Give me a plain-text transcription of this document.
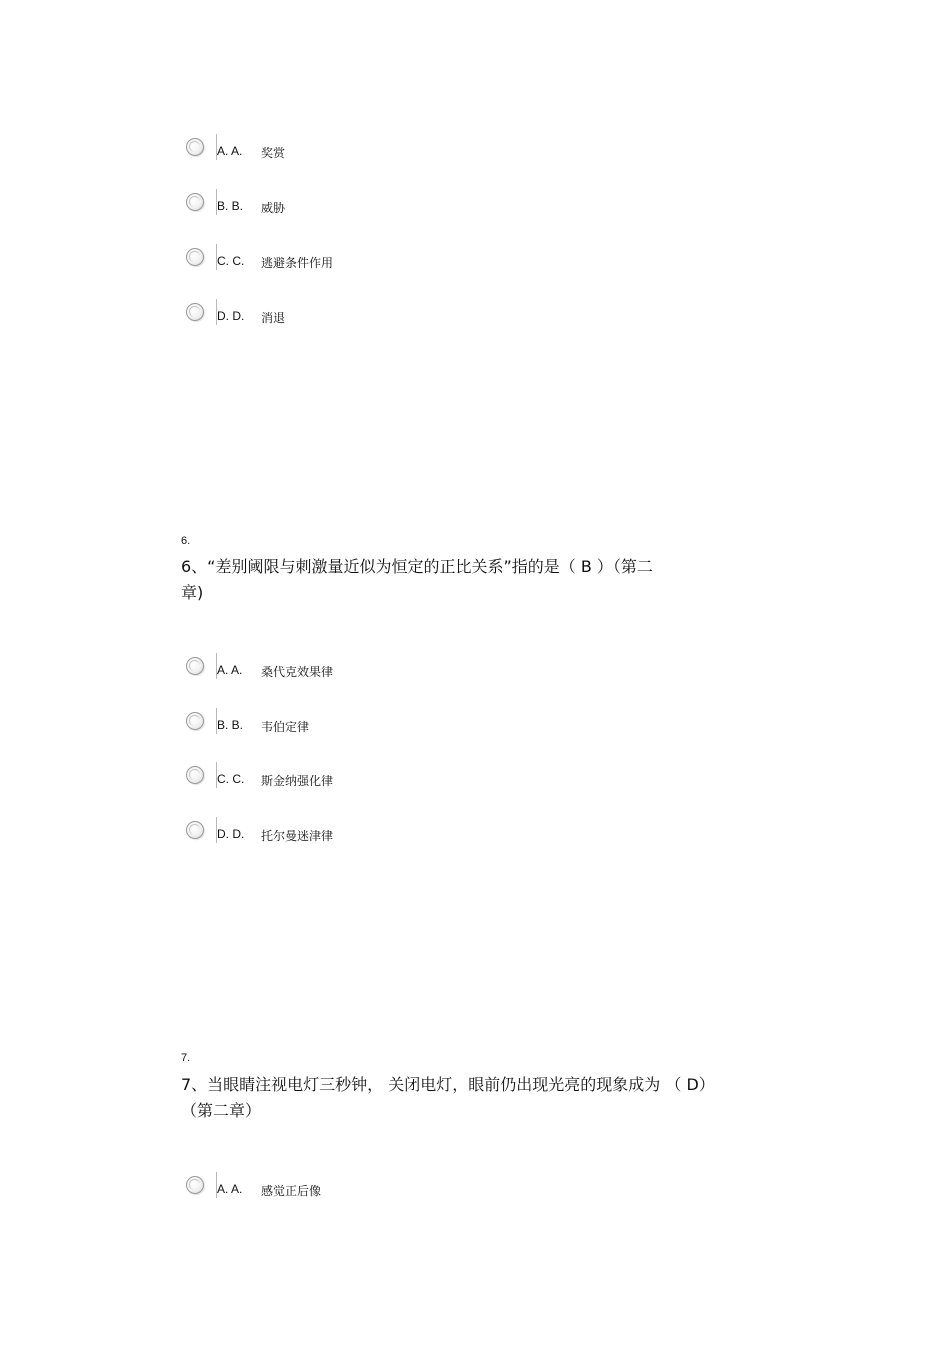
A. A. 奖赏
B. B. 威胁
C. C. 逃避条件作用
D. D. 消退
6.
6、“差别阈限与刺激量近似为恒定的正比关系”指的是（ B ）（第二
章)
A. A. 桑代克效果律
B. B. 韦伯定律
C. C. 斯金纳强化律
D. D. 托尔曼迷津律
7.
7、当眼睛注视电灯三秒钟， 关闭电灯，眼前仍出现光亮的现象成为 （ D）
（第二章）
A. A. 感觉正后像
